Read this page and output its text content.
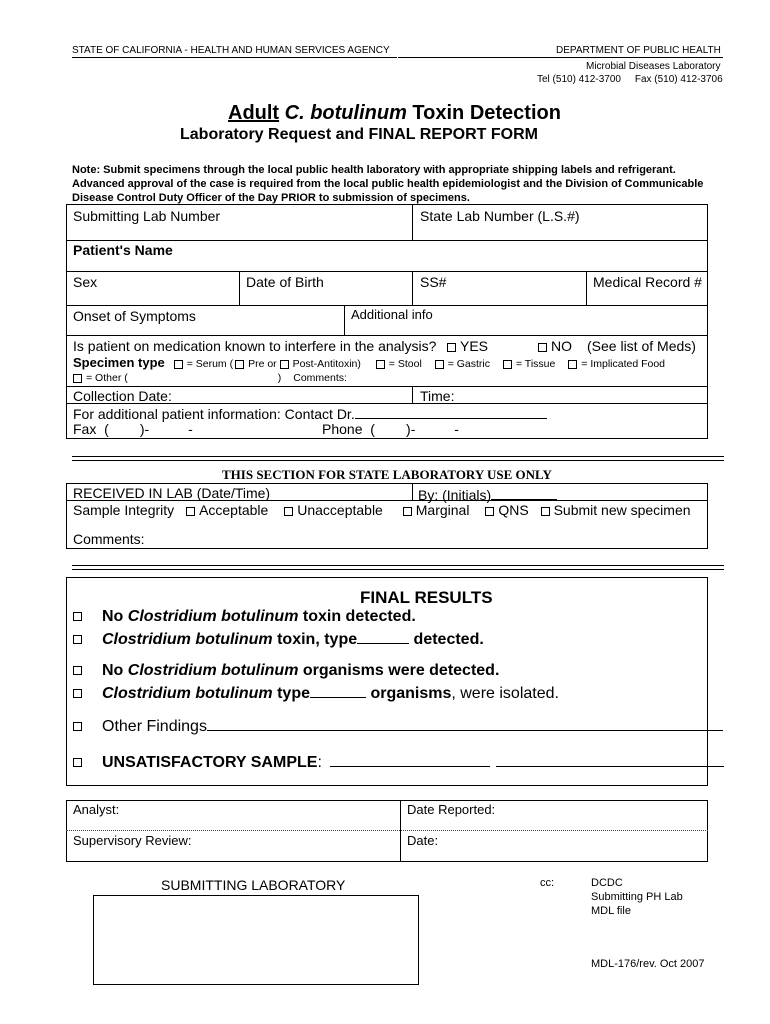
STATE OF CALIFORNIA - HEALTH AND HUMAN SERVICES AGENCY	DEPARTMENT OF PUBLIC HEALTH
Microbial Diseases Laboratory
Tel (510) 412-3700     Fax (510) 412-3706
Adult C. botulinum Toxin Detection
Laboratory Request and FINAL REPORT FORM
Note: Submit specimens through the local public health laboratory with appropriate shipping labels and refrigerant. Advanced approval of the case is required from the local public health epidemiologist and the Division of Communicable Disease Control Duty Officer of the Day PRIOR to submission of specimens.
Submitting Lab Number	State Lab Number (L.S.#)
Patient's Name
Sex	Date of Birth	SS#	Medical Record #
Onset of Symptoms	Additional info
Is patient on medication known to interfere in the analysis?	YES	NO (See list of Meds)
Specimen type = Serum ( Pre or Post-Antitoxin)	= Stool = Gastric = Tissue = Implicated Food
= Other (	) Comments:
Collection Date:	Time:
For additional patient information: Contact Dr.
Fax  (        )-          -	Phone  (        )-          -
THIS SECTION FOR STATE LABORATORY USE ONLY
RECEIVED IN LAB (Date/Time)	By: (Initials)
Sample Integrity Acceptable Unacceptable Marginal QNS Submit new specimen
Comments:
FINAL RESULTS
No Clostridium botulinum toxin detected.
Clostridium botulinum toxin, type	detected.
No Clostridium botulinum organisms were detected.
Clostridium botulinum type	organisms, were isolated.
Other Findings
UNSATISFACTORY SAMPLE:
Analyst:	Date Reported:
Supervisory Review:	Date:
SUBMITTING LABORATORY	cc:	DCDC
Submitting PH Lab
MDL file
MDL-176/rev. Oct 2007
